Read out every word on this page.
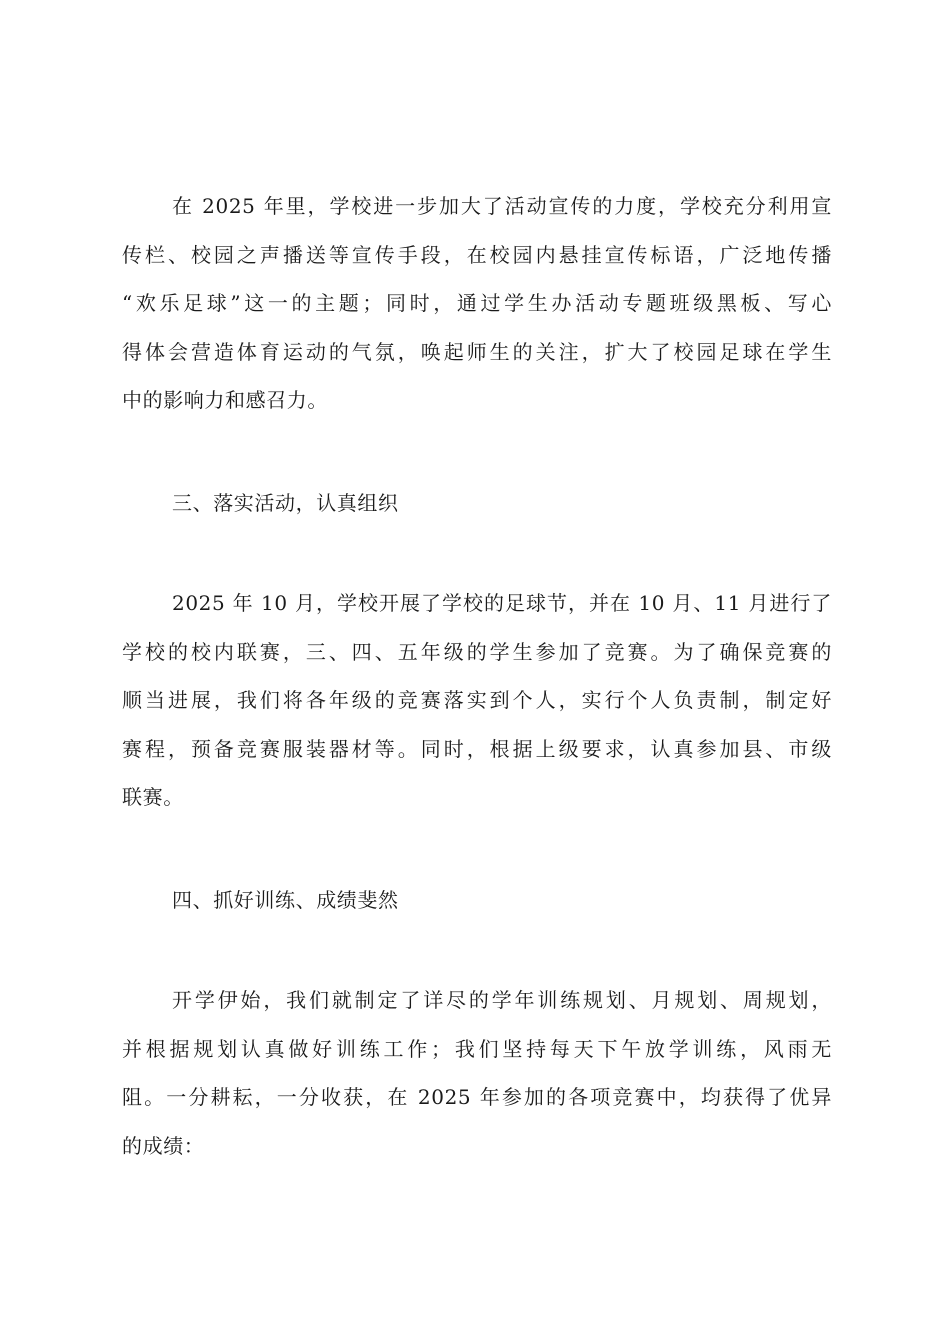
在 2025 年里，学校进一步加大了活动宣传的力度，学校充分利用宣
传栏、校园之声播送等宣传手段，在校园内悬挂宣传标语，广泛地传播
“欢乐足球”这一的主题；同时，通过学生办活动专题班级黑板、写心
得体会营造体育运动的气氛，唤起师生的关注，扩大了校园足球在学生
中的影响力和感召力。
三、落实活动，认真组织
2025 年 10 月，学校开展了学校的足球节，并在 10 月、11 月进行了
学校的校内联赛，三、四、五年级的学生参加了竞赛。为了确保竞赛的
顺当进展，我们将各年级的竞赛落实到个人，实行个人负责制，制定好
赛程，预备竞赛服装器材等。同时，根据上级要求，认真参加县、市级
联赛。
四、抓好训练、成绩斐然
开学伊始，我们就制定了详尽的学年训练规划、月规划、周规划，
并根据规划认真做好训练工作；我们坚持每天下午放学训练，风雨无
阻。一分耕耘，一分收获，在 2025 年参加的各项竞赛中，均获得了优异
的成绩：
